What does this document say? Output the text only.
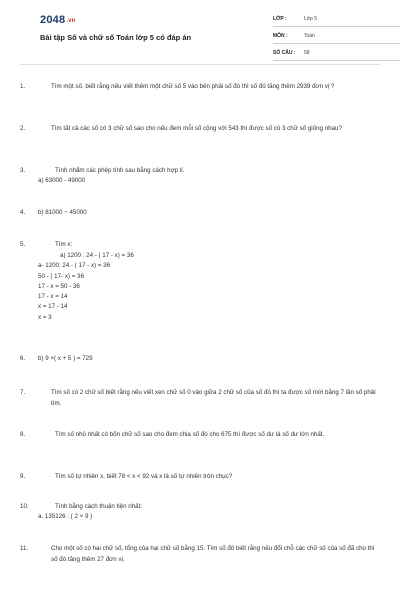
2048.vn
Bài tập Số và chữ số Toán lớp 5 có đáp án
LỚP :	Lớp 5
MÔN :	Toán
SỐ CÂU : 58
1.	Tìm một số, biết rằng nếu viết thêm một chữ số 5 vào bên phải số đó thì số đó tăng thêm 2939 đơn vị ?
2.	Tìm tất cả các số có 3 chữ số sao cho nếu đem mỗi số cộng với 543 thì được số có 3 chữ số giống nhau?
3.	Tính nhẩm các phép tính sau bằng cách hợp lí.
a) 63000 - 49000
4.	b) 81000 − 45000
5.	Tìm x:
a) 1200 : 24 - ( 17 - x) = 36
a- 1200: 24 - ( 17 - x) = 36
50 - ( 17- x) = 36
17 - x = 50 - 36
17 - x = 14
x = 17 - 14
x = 3
6.	b) 9 ×( x + 5 ) = 729
7.	Tìm số có 2 chữ số biết rằng nếu viết xen chữ số 0 vào giữa 2 chữ số của số đó thì ta được số mới bằng 7 lần số phải tìm.
8.	Tìm số nhỏ nhất có bốn chữ số sao cho đem chia số đó cho 675 thì được số dư là số dư lớn nhất.
9.	Tìm số tự nhiên x, biết 78 < x < 92 và x là số tự nhiên tròn chục?
10.	Tính bằng cách thuận tiện nhất:
a. 135126 : ( 2 × 9 )
11.	Cho một số có hai chữ số, tổng của hai chữ số bằng 15. Tìm số đó biết rằng nếu đổi chỗ các chữ số của số đã cho thì số đó tăng thêm 27 đơn vị.
